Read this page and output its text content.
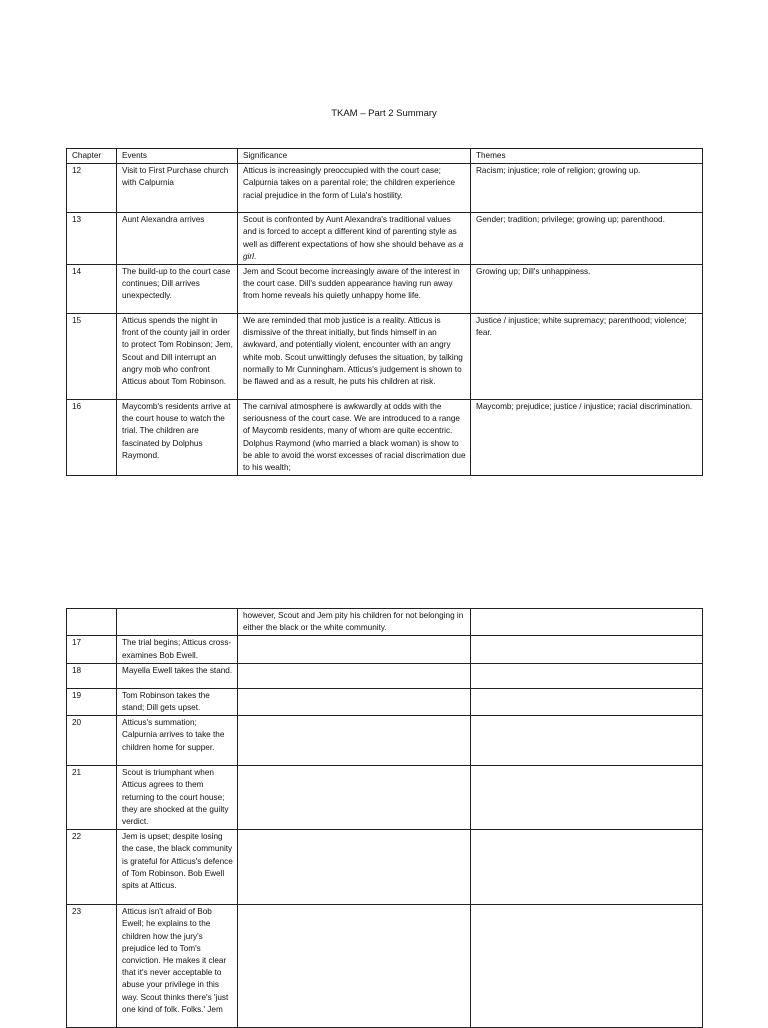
TKAM – Part 2 Summary
Chapter	Events	Significance	Themes
12	Visit to First Purchase church with Calpurnia	Atticus is increasingly preoccupied with the court case; Calpurnia takes on a parental role; the children experience racial prejudice in the form of Lula's hostility.	Racism; injustice; role of religion; growing up.
13	Aunt Alexandra arrives	Scout is confronted by Aunt Alexandra's traditional values and is forced to accept a different kind of parenting style as well as different expectations of how she should behave as a girl.	Gender; tradition; privilege; growing up; parenthood.
14	The build-up to the court case continues; Dill arrives unexpectedly.	Jem and Scout become increasingly aware of the interest in the court case. Dill's sudden appearance having run away from home reveals his quietly unhappy home life.	Growing up; Dill's unhappiness.
15	Atticus spends the night in front of the county jail in order to protect Tom Robinson; Jem, Scout and Dill interrupt an angry mob who confront Atticus about Tom Robinson.	We are reminded that mob justice is a reality. Atticus is dismissive of the threat initially, but finds himself in an awkward, and potentially violent, encounter with an angry white mob. Scout unwittingly defuses the situation, by talking normally to Mr Cunningham. Atticus's judgement is shown to be flawed and as a result, he puts his children at risk.	Justice / injustice; white supremacy; parenthood; violence; fear.
16	Maycomb's residents arrive at the court house to watch the trial. The children are fascinated by Dolphus Raymond.	The carnival atmosphere is awkwardly at odds with the seriousness of the court case. We are introduced to a range of Maycomb residents, many of whom are quite eccentric. Dolphus Raymond (who married a black woman) is show to be able to avoid the worst excesses of racial discrimation due to his wealth;	Maycomb; prejudice; justice / injustice; racial discrimination.
		however, Scout and Jem pity his children for not belonging in either the black or the white community.	
17	The trial begins; Atticus cross-examines Bob Ewell.		
18	Mayella Ewell takes the stand.		
19	Tom Robinson takes the stand; Dill gets upset.		
20	Atticus's summation; Calpurnia arrives to take the children home for supper.		
21	Scout is triumphant when Atticus agrees to them returning to the court house; they are shocked at the guilty verdict.		
22	Jem is upset; despite losing the case, the black community is grateful for Atticus's defence of Tom Robinson. Bob Ewell spits at Atticus.		
23	Atticus isn't afraid of Bob Ewell; he explains to the children how the jury's prejudice led to Tom's conviction. He makes it clear that it's never acceptable to abuse your privilege in this way. Scout thinks there's 'just one kind of folk. Folks.' Jem		
